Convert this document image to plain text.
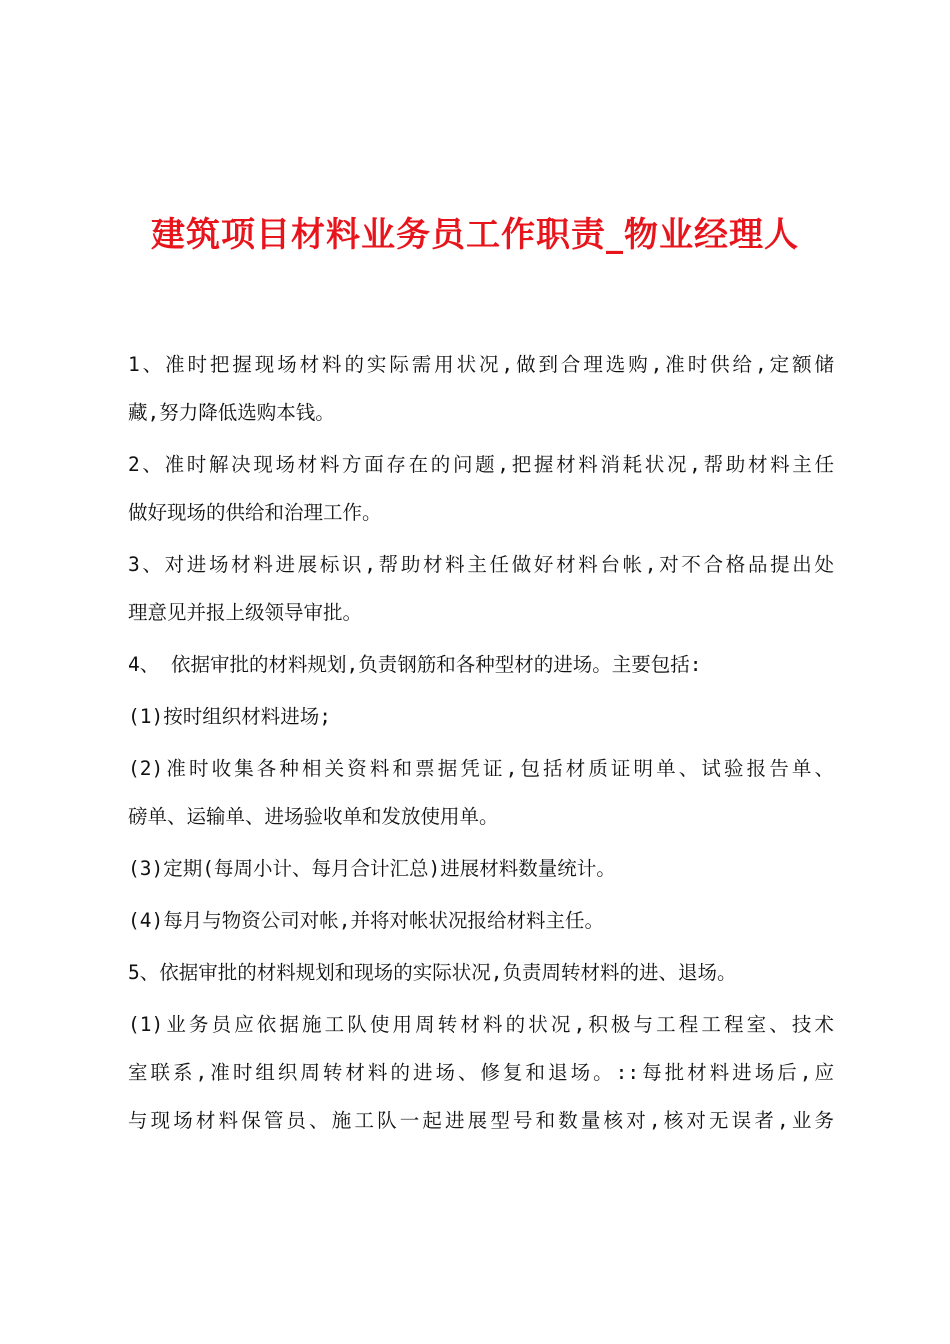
建筑项目材料业务员工作职责_物业经理人
1、准时把握现场材料的实际需用状况,做到合理选购,准时供给,定额储
藏,努力降低选购本钱。
2、准时解决现场材料方面存在的问题,把握材料消耗状况,帮助材料主任
做好现场的供给和治理工作。
3、对进场材料进展标识,帮助材料主任做好材料台帐,对不合格品提出处
理意见并报上级领导审批。
4、 依据审批的材料规划,负责钢筋和各种型材的进场。主要包括:
(1)按时组织材料进场;
(2)准时收集各种相关资料和票据凭证,包括材质证明单、试验报告单、
磅单、运输单、进场验收单和发放使用单。
(3)定期(每周小计、每月合计汇总)进展材料数量统计。
(4)每月与物资公司对帐,并将对帐状况报给材料主任。
5、依据审批的材料规划和现场的实际状况,负责周转材料的进、退场。
(1)业务员应依据施工队使用周转材料的状况,积极与工程工程室、技术
室联系,准时组织周转材料的进场、修复和退场。::每批材料进场后,应
与现场材料保管员、施工队一起进展型号和数量核对,核对无误者,业务
